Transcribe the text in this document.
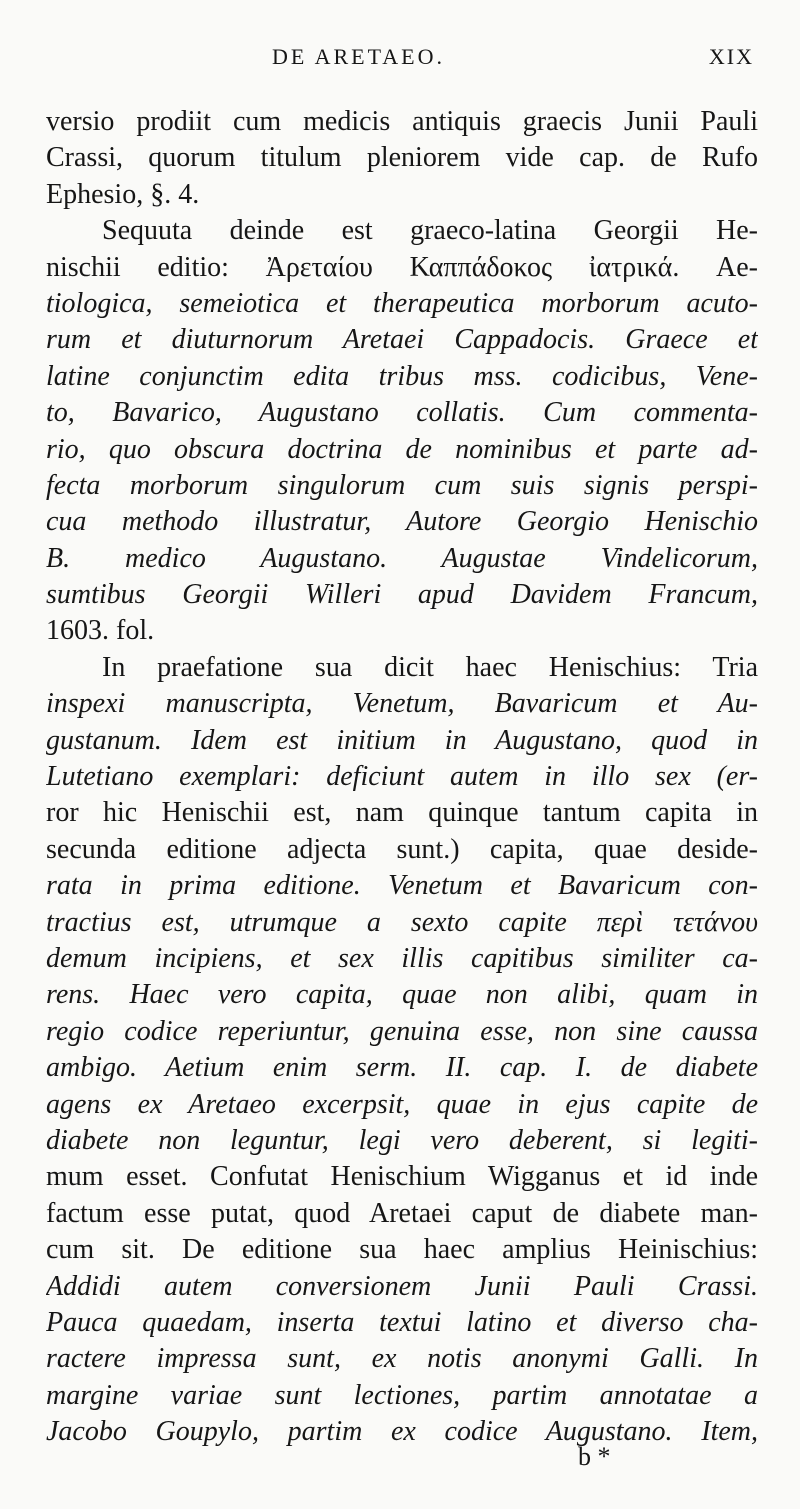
DE ARETAEO.	XIX
versio prodiit cum medicis antiquis graecis Junii Pauli
Crassi, quorum titulum pleniorem vide cap. de Rufo
Ephesio, §. 4.
Sequuta deinde est graeco-latina Georgii He-
nischii editio: Ἀρεταίου Καππάδοκος ἰατρικά. Ae-
tiologica, semeiotica et therapeutica morborum acuto-
rum et diuturnorum Aretaei Cappadocis. Graece et
latine conjunctim edita tribus mss. codicibus, Vene-
to, Bavarico, Augustano collatis. Cum commenta-
rio, quo obscura doctrina de nominibus et parte ad-
fecta morborum singulorum cum suis signis perspi-
cua methodo illustratur, Autore Georgio Henischio
B. medico Augustano. Augustae Vindelicorum,
sumtibus Georgii Willeri apud Davidem Francum,
1603. fol.
In praefatione sua dicit haec Henischius: Tria
inspexi manuscripta, Venetum, Bavaricum et Au-
gustanum. Idem est initium in Augustano, quod in
Lutetiano exemplari: deficiunt autem in illo sex (er-
ror hic Henischii est, nam quinque tantum capita in
secunda editione adjecta sunt.) capita, quae deside-
rata in prima editione. Venetum et Bavaricum con-
tractius est, utrumque a sexto capite περὶ τετάνου
demum incipiens, et sex illis capitibus similiter ca-
rens. Haec vero capita, quae non alibi, quam in
regio codice reperiuntur, genuina esse, non sine caussa
ambigo. Aetium enim serm. II. cap. I. de diabete
agens ex Aretaeo excerpsit, quae in ejus capite de
diabete non leguntur, legi vero deberent, si legiti-
mum esset. Confutat Henischium Wigganus et id inde
factum esse putat, quod Aretaei caput de diabete man-
cum sit. De editione sua haec amplius Heinischius:
Addidi autem conversionem Junii Pauli Crassi.
Pauca quaedam, inserta textui latino et diverso cha-
ractere impressa sunt, ex notis anonymi Galli. In
margine variae sunt lectiones, partim annotatae a
Jacobo Goupylo, partim ex codice Augustano. Item,
b *
